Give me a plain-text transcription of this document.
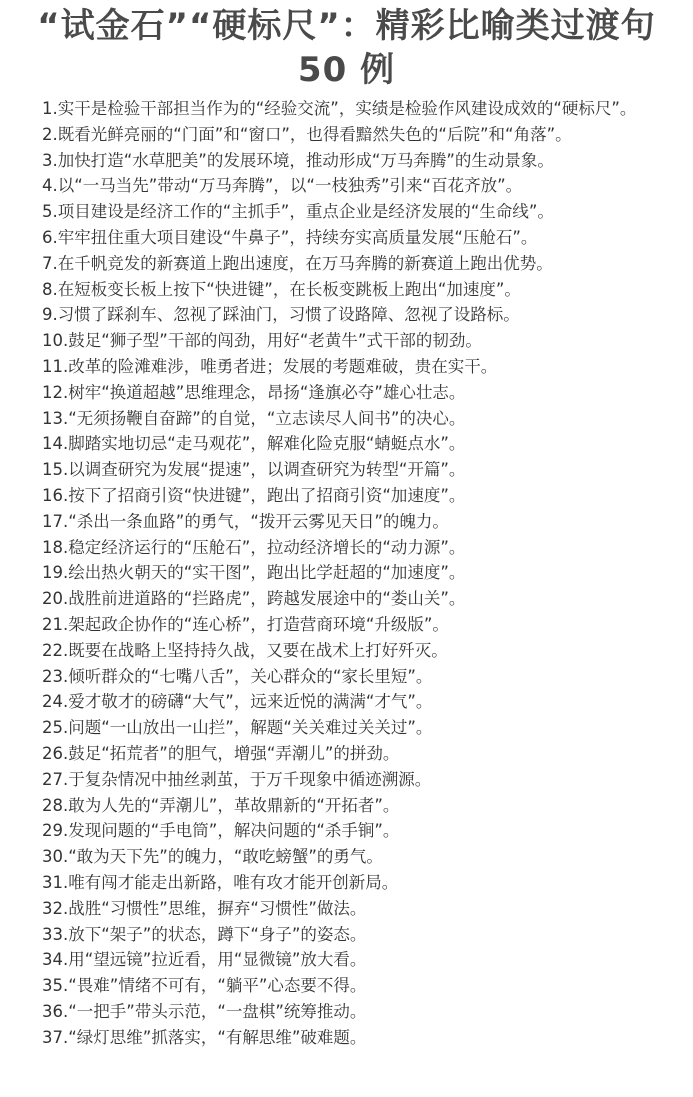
“试金石”“硬标尺”：精彩比喻类过渡句
50 例
1.实干是检验干部担当作为的“经验交流”，实绩是检验作风建设成效的“硬标尺”。
2.既看光鲜亮丽的“门面”和“窗口”，也得看黯然失色的“后院”和“角落”。
3.加快打造“水草肥美”的发展环境，推动形成“万马奔腾”的生动景象。
4.以“一马当先”带动“万马奔腾”，以“一枝独秀”引来“百花齐放”。
5.项目建设是经济工作的“主抓手”，重点企业是经济发展的“生命线”。
6.牢牢扭住重大项目建设“牛鼻子”，持续夯实高质量发展“压舱石”。
7.在千帆竞发的新赛道上跑出速度，在万马奔腾的新赛道上跑出优势。
8.在短板变长板上按下“快进键”，在长板变跳板上跑出“加速度”。
9.习惯了踩刹车、忽视了踩油门，习惯了设路障、忽视了设路标。
10.鼓足“狮子型”干部的闯劲，用好“老黄牛”式干部的韧劲。
11.改革的险滩难涉，唯勇者进；发展的考题难破，贵在实干。
12.树牢“换道超越”思维理念，昂扬“逢旗必夺”雄心壮志。
13.“无须扬鞭自奋蹄”的自觉，“立志读尽人间书”的决心。
14.脚踏实地切忌“走马观花”，解难化险克服“蜻蜓点水”。
15.以调查研究为发展“提速”，以调查研究为转型“开篇”。
16.按下了招商引资“快进键”，跑出了招商引资“加速度”。
17.“杀出一条血路”的勇气，“拨开云雾见天日”的魄力。
18.稳定经济运行的“压舱石”，拉动经济增长的“动力源”。
19.绘出热火朝天的“实干图”，跑出比学赶超的“加速度”。
20.战胜前进道路的“拦路虎”，跨越发展途中的“娄山关”。
21.架起政企协作的“连心桥”，打造营商环境“升级版”。
22.既要在战略上坚持持久战，又要在战术上打好歼灭。
23.倾听群众的“七嘴八舌”，关心群众的“家长里短”。
24.爱才敬才的磅礴“大气”，远来近悦的满满“才气”。
25.问题“一山放出一山拦”，解题“关关难过关关过”。
26.鼓足“拓荒者”的胆气，增强“弄潮儿”的拼劲。
27.于复杂情况中抽丝剥茧，于万千现象中循迹溯源。
28.敢为人先的“弄潮儿”，革故鼎新的“开拓者”。
29.发现问题的“手电筒”，解决问题的“杀手锏”。
30.“敢为天下先”的魄力，“敢吃螃蟹”的勇气。
31.唯有闯才能走出新路，唯有攻才能开创新局。
32.战胜“习惯性”思维，摒弃“习惯性”做法。
33.放下“架子”的状态，蹲下“身子”的姿态。
34.用“望远镜”拉近看，用“显微镜”放大看。
35.“畏难”情绪不可有，“躺平”心态要不得。
36.“一把手”带头示范，“一盘棋”统筹推动。
37.“绿灯思维”抓落实，“有解思维”破难题。
